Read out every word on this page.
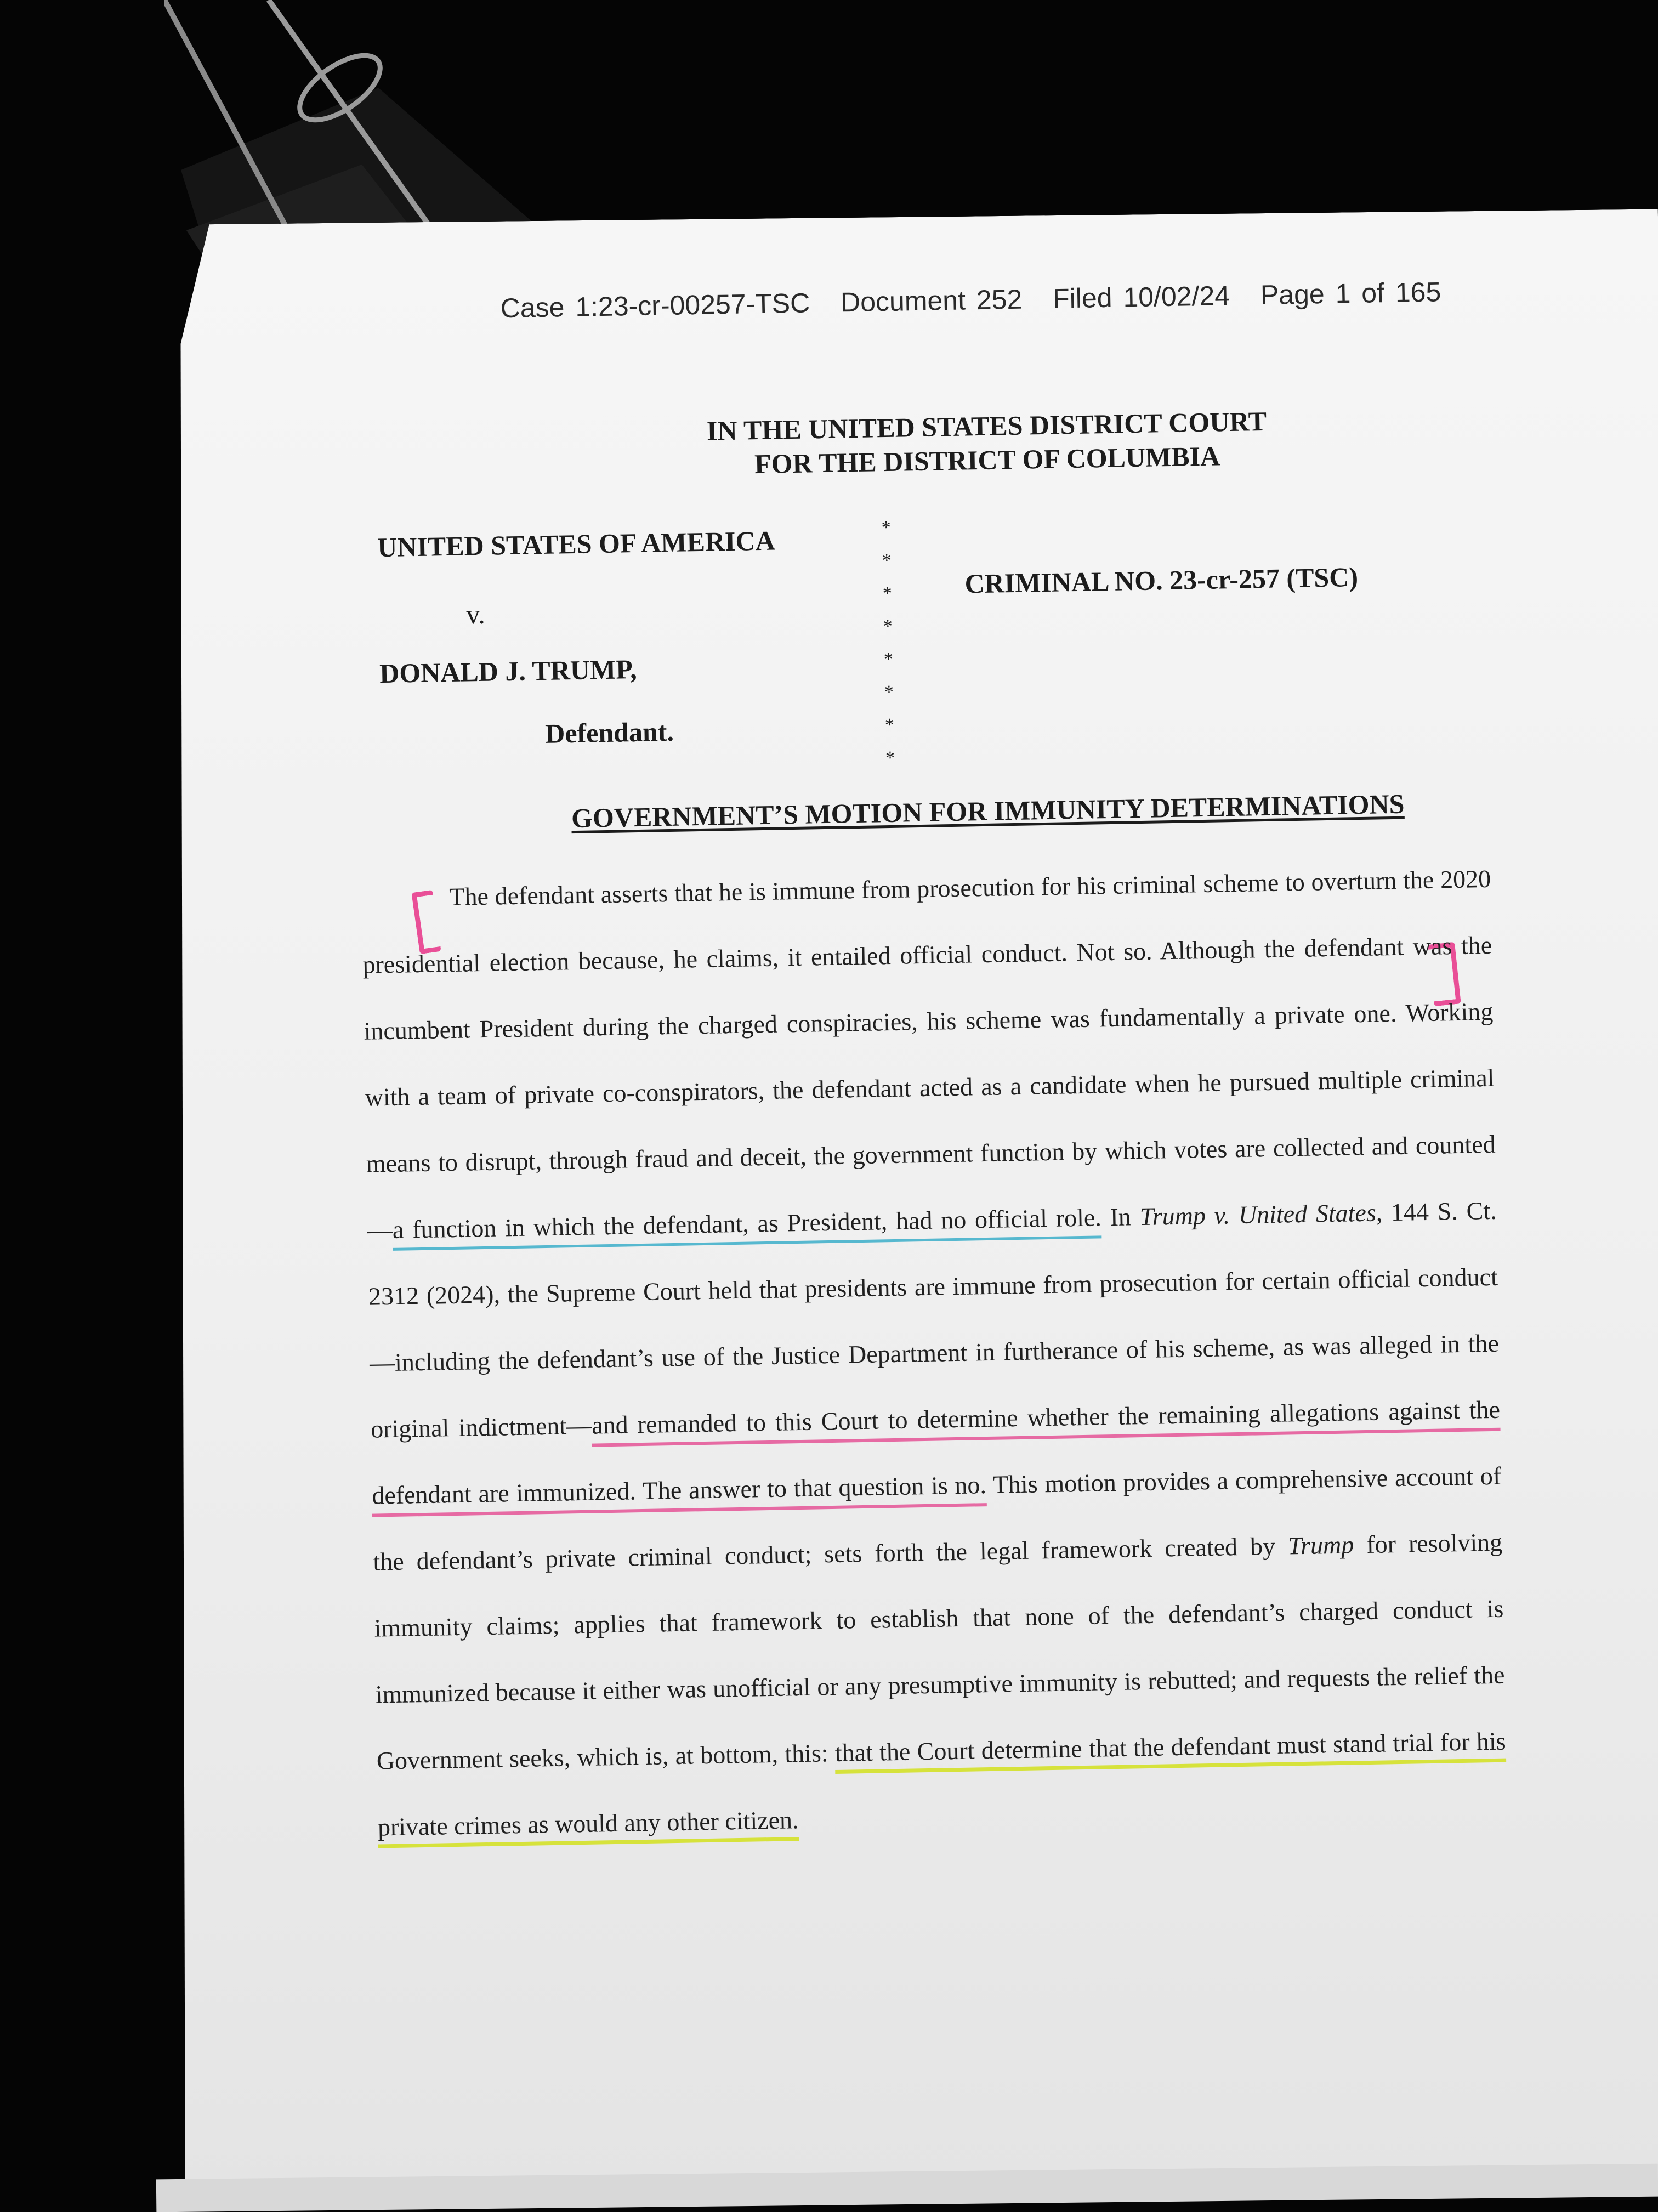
Case 1:23-cr-00257-TSC Document 252 Filed 10/02/24 Page 1 of 165
IN THE UNITED STATES DISTRICT COURT
FOR THE DISTRICT OF COLUMBIA
UNITED STATES OF AMERICA
v.
DONALD J. TRUMP,
Defendant.
*
*
*
*
*
*
*
*
CRIMINAL NO. 23-cr-257 (TSC)
GOVERNMENT’S MOTION FOR IMMUNITY DETERMINATIONS

The defendant asserts that he is immune from prosecution for his criminal scheme to overturn the 2020 presidential election because, he claims, it entailed official conduct. Not so. Although the defendant was the incumbent President during the charged conspiracies, his scheme was fundamentally a private one. Working with a team of private co-conspirators, the defendant acted as a candidate when he pursued multiple criminal means to disrupt, through fraud and deceit, the government function by which votes are collected and counted—a function in which the defendant, as President, had no official role. In Trump v. United States, 144 S. Ct. 2312 (2024), the Supreme Court held that presidents are immune from prosecution for certain official conduct—including the defendant’s use of the Justice Department in furtherance of his scheme, as was alleged in the original indictment—and remanded to this Court to determine whether the remaining allegations against the defendant are immunized. The answer to that question is no. This motion provides a comprehensive account of the defendant’s private criminal conduct; sets forth the legal framework created by Trump for resolving immunity claims; applies that framework to establish that none of the defendant’s charged conduct is immunized because it either was unofficial or any presumptive immunity is rebutted; and requests the relief the Government seeks, which is, at bottom, this: that the Court determine that the defendant must stand trial for his private crimes as would any other citizen.
